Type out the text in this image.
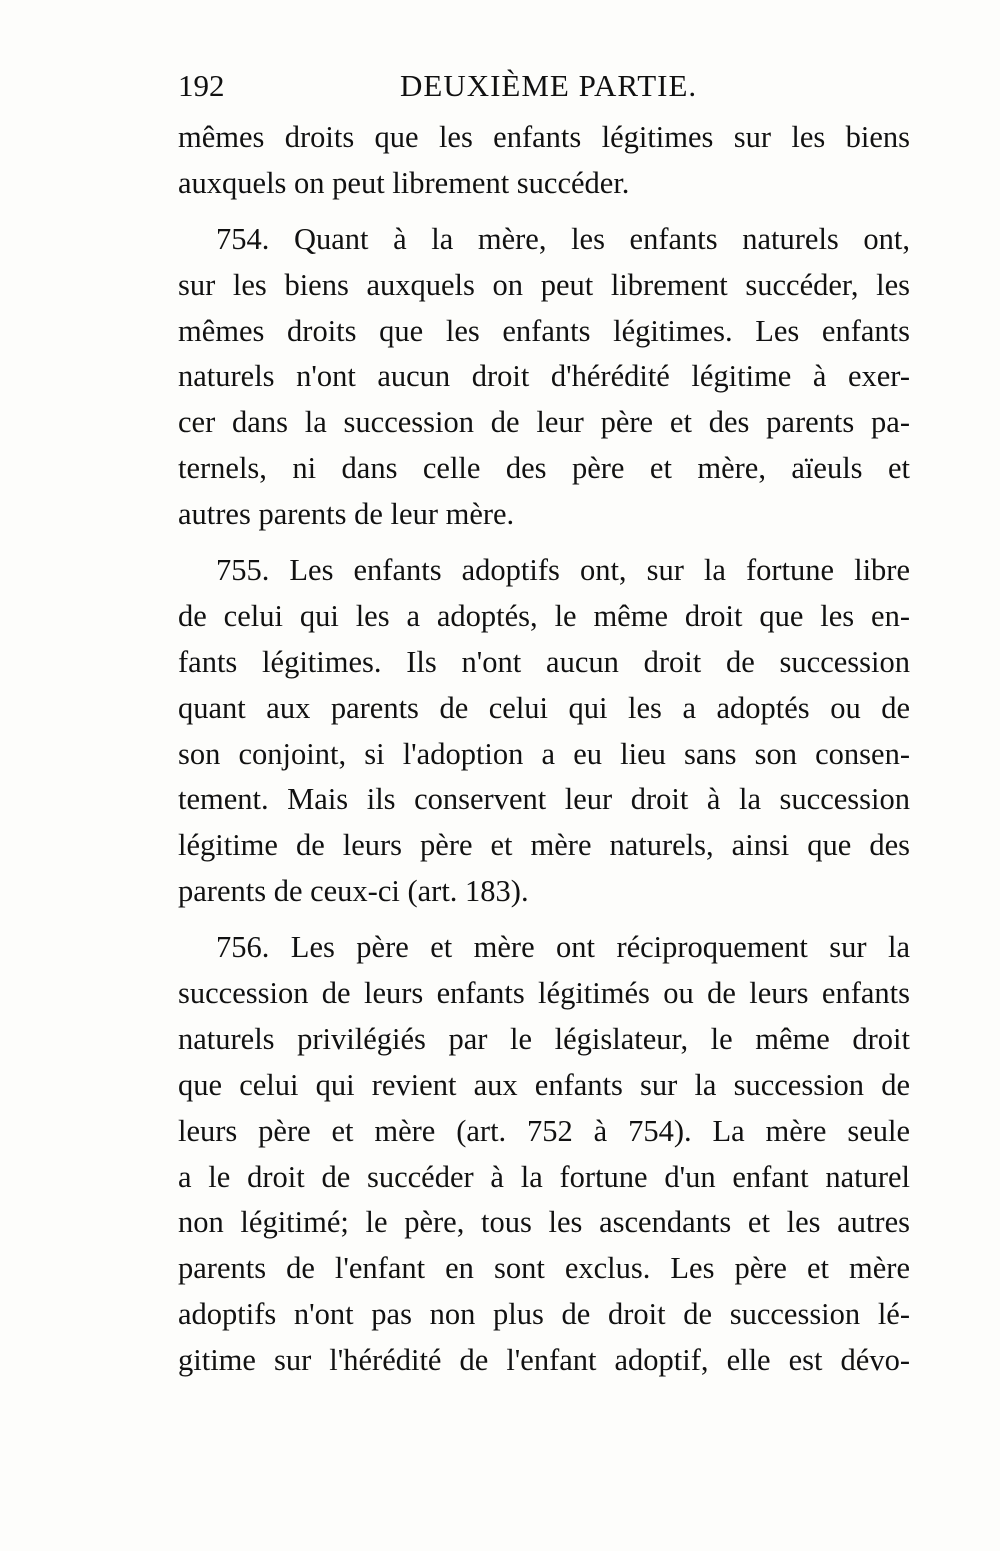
192	DEUXIÈME PARTIE.
mêmes droits que les enfants légitimes sur les biens
auxquels on peut librement succéder.
754. Quant à la mère, les enfants naturels ont,
sur les biens auxquels on peut librement succéder, les
mêmes droits que les enfants légitimes. Les enfants
naturels n'ont aucun droit d'hérédité légitime à exer-
cer dans la succession de leur père et des parents pa-
ternels, ni dans celle des père et mère, aïeuls et
autres parents de leur mère.
755. Les enfants adoptifs ont, sur la fortune libre
de celui qui les a adoptés, le même droit que les en-
fants légitimes. Ils n'ont aucun droit de succession
quant aux parents de celui qui les a adoptés ou de
son conjoint, si l'adoption a eu lieu sans son consen-
tement. Mais ils conservent leur droit à la succession
légitime de leurs père et mère naturels, ainsi que des
parents de ceux-ci (art. 183).
756. Les père et mère ont réciproquement sur la
succession de leurs enfants légitimés ou de leurs enfants
naturels privilégiés par le législateur, le même droit
que celui qui revient aux enfants sur la succession de
leurs père et mère (art. 752 à 754). La mère seule
a le droit de succéder à la fortune d'un enfant naturel
non légitimé; le père, tous les ascendants et les autres
parents de l'enfant en sont exclus. Les père et mère
adoptifs n'ont pas non plus de droit de succession lé-
gitime sur l'hérédité de l'enfant adoptif, elle est dévo-
